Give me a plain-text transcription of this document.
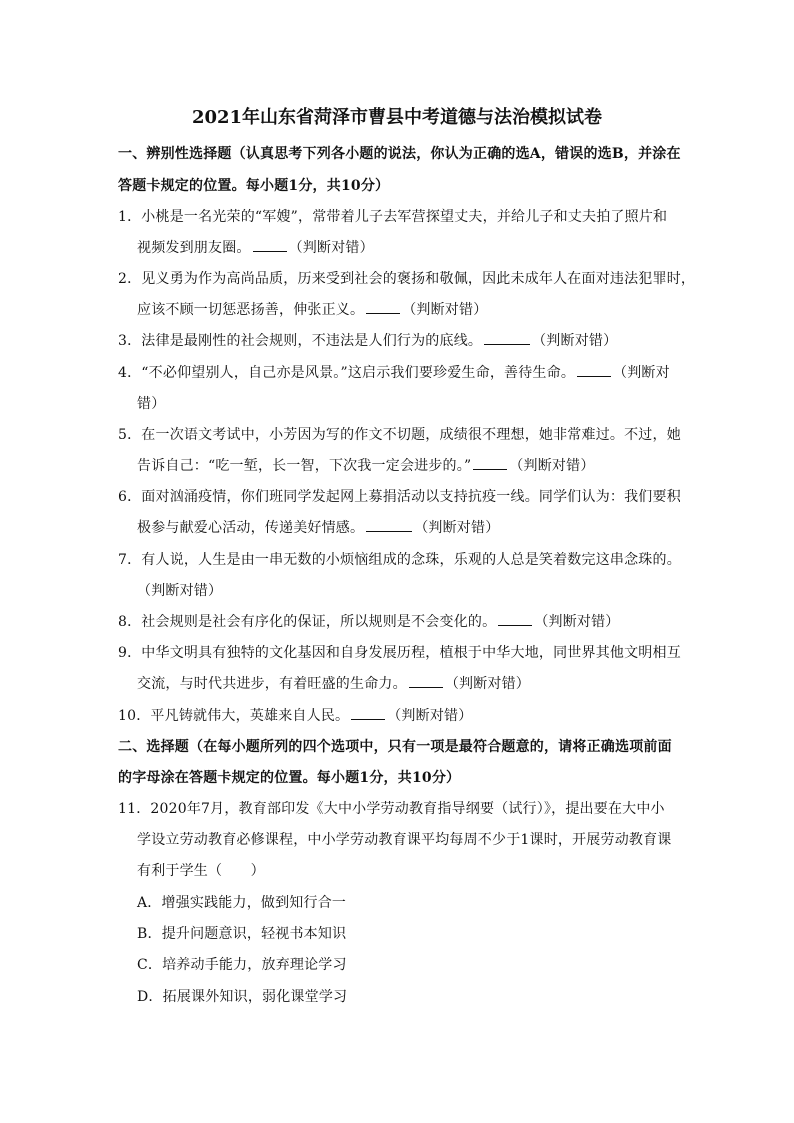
2021年山东省菏泽市曹县中考道德与法治模拟试卷
一、辨别性选择题（认真思考下列各小题的说法，你认为正确的选A，错误的选B，并涂在
答题卡规定的位置。每小题1分，共10分）
1．小桃是一名光荣的“军嫂”，常带着儿子去军营探望丈夫，并给儿子和丈夫拍了照片和
视频发到朋友圈。	（判断对错）
2．见义勇为作为高尚品质，历来受到社会的褒扬和敬佩，因此未成年人在面对违法犯罪时，
应该不顾一切惩恶扬善，伸张正义。	（判断对错）
3．法律是最刚性的社会规则，不违法是人们行为的底线。	（判断对错）
4．“不必仰望别人，自己亦是风景。”这启示我们要珍爱生命，善待生命。	（判断对
错）
5．在一次语文考试中，小芳因为写的作文不切题，成绩很不理想，她非常难过。不过，她
告诉自己：“吃一堑，长一智，下次我一定会进步的。”	（判断对错）
6．面对汹涌疫情，你们班同学发起网上募捐活动以支持抗疫一线。同学们认为：我们要积
极参与献爱心活动，传递美好情感。	（判断对错）
7．有人说，人生是由一串无数的小烦恼组成的念珠，乐观的人总是笑着数完这串念珠的。
（判断对错）
8．社会规则是社会有序化的保证，所以规则是不会变化的。	（判断对错）
9．中华文明具有独特的文化基因和自身发展历程，植根于中华大地，同世界其他文明相互
交流，与时代共进步，有着旺盛的生命力。	（判断对错）
10．平凡铸就伟大，英雄来自人民。	（判断对错）
二、选择题（在每小题所列的四个选项中，只有一项是最符合题意的，请将正确选项前面
的字母涂在答题卡规定的位置。每小题1分，共10分）
11．2020年7月，教育部印发《大中小学劳动教育指导纲要（试行）》，提出要在大中小
学设立劳动教育必修课程，中小学劳动教育课平均每周不少于1课时，开展劳动教育课
有利于学生（　　）
A．增强实践能力，做到知行合一
B．提升问题意识，轻视书本知识
C．培养动手能力，放弃理论学习
D．拓展课外知识，弱化课堂学习
